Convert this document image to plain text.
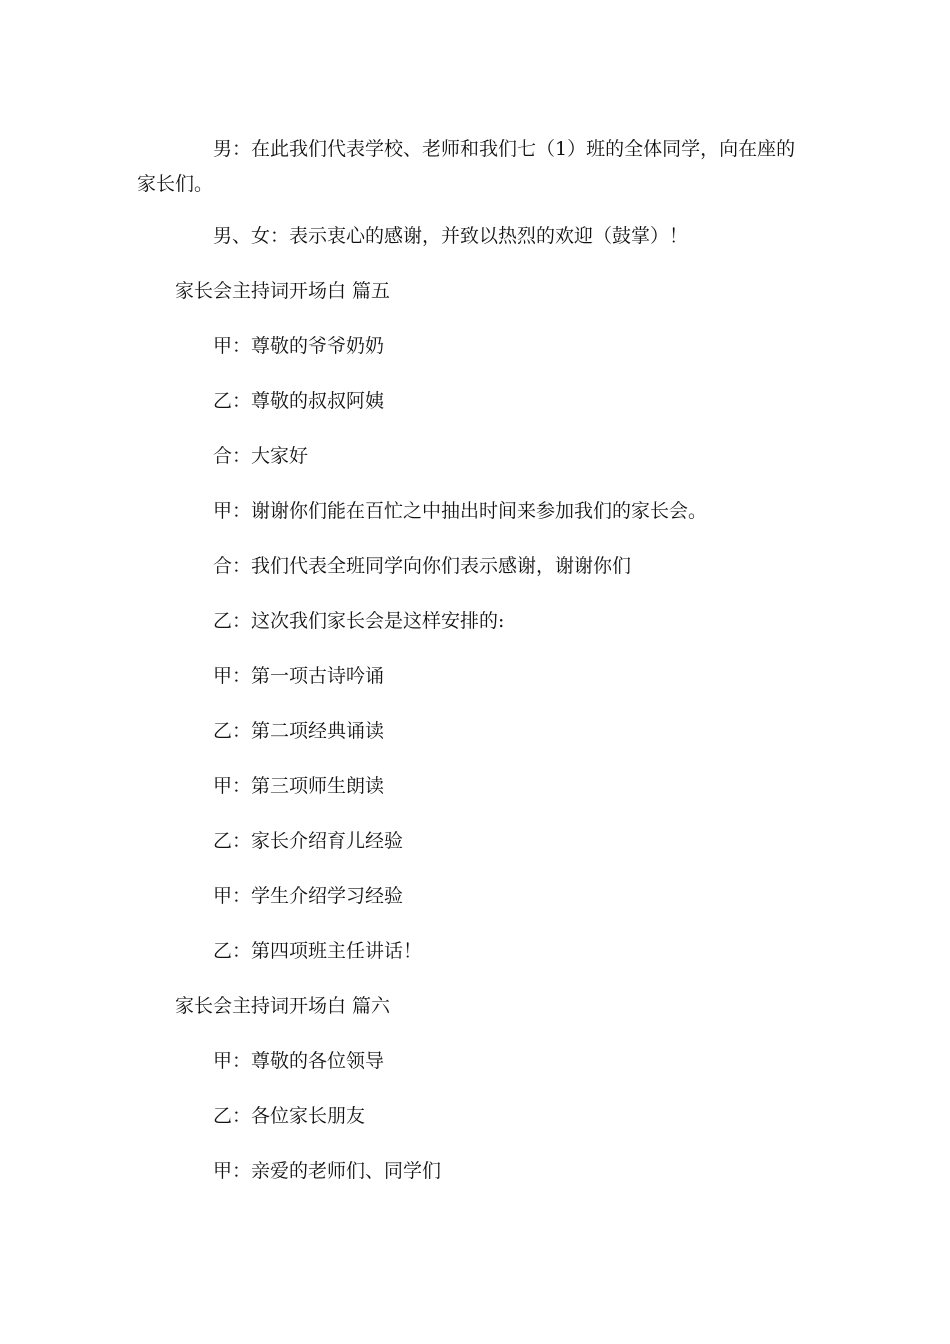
男：在此我们代表学校、老师和我们七（1）班的全体同学，向在座的
家长们。
男、女：表示衷心的感谢，并致以热烈的欢迎（鼓掌）！
家长会主持词开场白 篇五
甲：尊敬的爷爷奶奶
乙：尊敬的叔叔阿姨
合：大家好
甲：谢谢你们能在百忙之中抽出时间来参加我们的家长会。
合：我们代表全班同学向你们表示感谢，谢谢你们
乙：这次我们家长会是这样安排的:
甲：第一项古诗吟诵
乙：第二项经典诵读
甲：第三项师生朗读
乙：家长介绍育儿经验
甲：学生介绍学习经验
乙：第四项班主任讲话！
家长会主持词开场白 篇六
甲：尊敬的各位领导
乙：各位家长朋友
甲：亲爱的老师们、同学们
